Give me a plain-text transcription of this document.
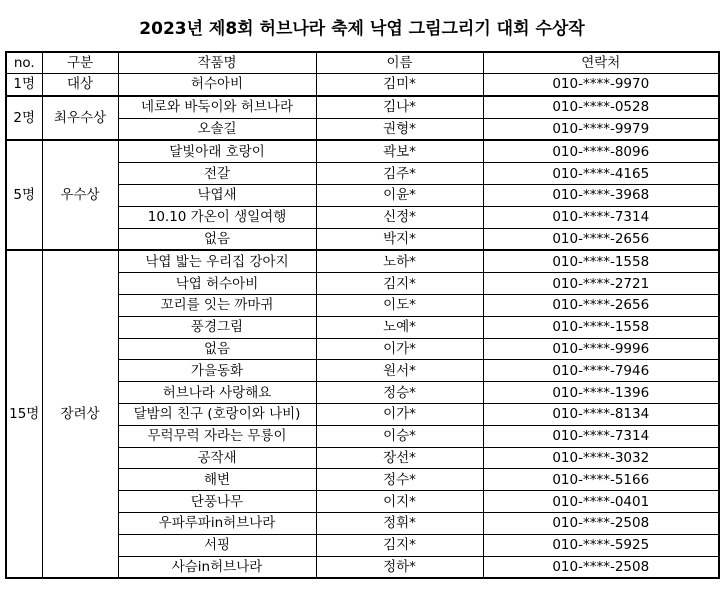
2023년 제8회 허브나라 축제 낙엽 그림그리기 대회 수상작
no.	구분	작품명	이름	연락처
1명	대상	허수아비	김미*	010-****-9970
2명	최우수상	네로와 바둑이와 허브나라	김나*	010-****-0528
		오솔길	권형*	010-****-9979
5명	우수상	달빛아래 호랑이	곽보*	010-****-8096
		전갈	김주*	010-****-4165
		낙엽새	이윤*	010-****-3968
		10.10 가온이 생일여행	신정*	010-****-7314
		없음	박지*	010-****-2656
15명	장려상	낙엽 밟는 우리집 강아지	노하*	010-****-1558
		낙엽 허수아비	김지*	010-****-2721
		꼬리를 잇는 까마귀	이도*	010-****-2656
		풍경그림	노예*	010-****-1558
		없음	이가*	010-****-9996
		가을동화	원서*	010-****-7946
		허브나라 사랑해요	정승*	010-****-1396
		달밤의 친구 (호랑이와 나비)	이가*	010-****-8134
		무럭무럭 자라는 무룡이	이승*	010-****-7314
		공작새	장선*	010-****-3032
		해변	정수*	010-****-5166
		단풍나무	이지*	010-****-0401
		우파루파in허브나라	정휘*	010-****-2508
		서핑	김지*	010-****-5925
		사슴in허브나라	정하*	010-****-2508
